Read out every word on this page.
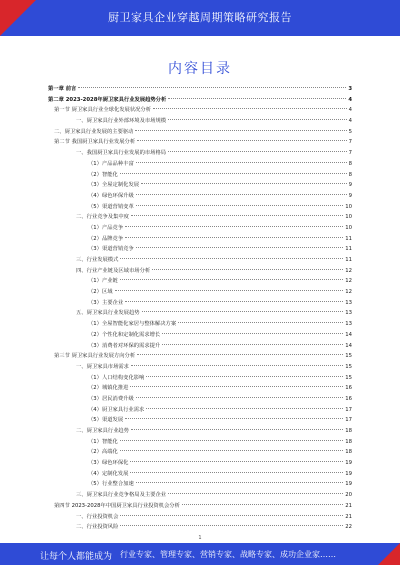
厨卫家具企业穿越周期策略研究报告
内容目录
第一章 前言	3
第二章 2023-2028年厨卫家具行业发展趋势分析	4
第一节 厨卫家具行业全球化发展状况分析	4
一、厨卫家具行业外部环境及市场规模	4
二、厨卫家具行业发展的主要驱动	5
第二节 我国厨卫家具行业发展分析	7
一、我国厨卫家具行业发展的市场格局	7
（1）产品品种丰富	8
（2）智能化	8
（3）全屋定制化发展	9
（4）绿色环保升级	9
（5）渠道营销变革	10
二、行业竞争及集中度	10
（1）产品竞争	10
（2）品牌竞争	11
（3）渠道营销竞争	11
三、行业发展模式	11
四、行业产业链及区域市场分析	12
（1）产业链	12
（2）区域	12
（3）主要企业	13
五、厨卫家具行业发展趋势	13
（1）全屋智能化家居与整体解决方案	13
（2）个性化和定制化需求增长	14
（3）消费者对环保的需求提升	14
第三节 厨卫家具行业发展方向分析	15
一、厨卫家具市场需求	15
（1）人口结构变化影响	15
（2）城镇化推进	16
（3）居民消费升级	16
（4）厨卫家具行业需求	17
（5）渠道发展	17
二、厨卫家具行业趋势	18
（1）智能化	18
（2）高端化	18
（3）绿色环保化	19
（4）定制化发展	19
（5）行业整合加速	19
三、厨卫家具行业竞争格局及主要企业	20
第四节 2023-2028年中国厨卫家具行业投资机会分析	21
一、行业投资机会	21
二、行业投资风险	22
1
让每个人都能成为 行业专家、管理专家、营销专家、战略专家、成功企业家……
